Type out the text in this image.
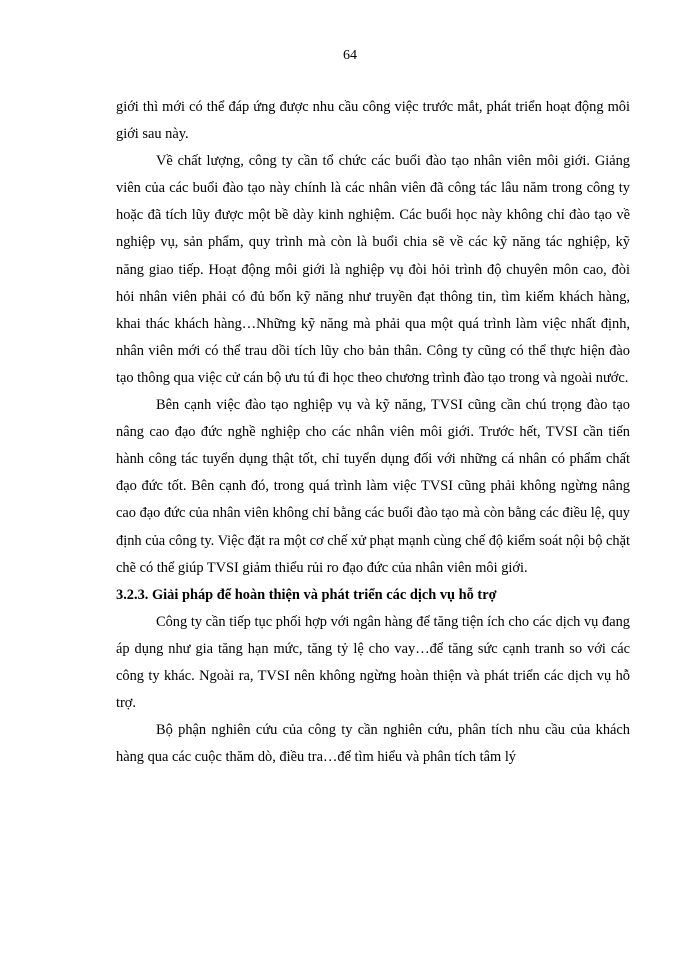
64

giới thì mới có thể đáp ứng được nhu cầu công việc trước mắt, phát triển hoạt động môi giới sau này.

Về chất lượng, công ty cần tổ chức các buổi đào tạo nhân viên môi giới. Giảng viên của các buổi đào tạo này chính là các nhân viên đã công tác lâu năm trong công ty hoặc đã tích lũy được một bề dày kinh nghiệm. Các buổi học này không chỉ đào tạo về nghiệp vụ, sản phẩm, quy trình mà còn là buổi chia sẽ về các kỹ năng tác nghiệp, kỹ năng giao tiếp. Hoạt động môi giới là nghiệp vụ đòi hỏi trình độ chuyên môn cao, đòi hỏi nhân viên phải có đủ bốn kỹ năng như truyền đạt thông tin, tìm kiếm khách hàng, khai thác khách hàng…Những kỹ năng mà phải qua một quá trình làm việc nhất định, nhân viên mới có thể trau dồi tích lũy cho bản thân. Công ty cũng có thể thực hiện đào tạo thông qua việc cử cán bộ ưu tú đi học theo chương trình đào tạo trong và ngoài nước.

Bên cạnh việc đào tạo nghiệp vụ và kỹ năng, TVSI cũng cần chú trọng đào tạo nâng cao đạo đức nghề nghiệp cho các nhân viên môi giới. Trước hết, TVSI cần tiến hành công tác tuyển dụng thật tốt, chỉ tuyển dụng đối với những cá nhân có phẩm chất đạo đức tốt. Bên cạnh đó, trong quá trình làm việc TVSI cũng phải không ngừng nâng cao đạo đức của nhân viên không chỉ bằng các buổi đào tạo mà còn bằng các điều lệ, quy định của công ty. Việc đặt ra một cơ chế xử phạt mạnh cùng chế độ kiểm soát nội bộ chặt chẽ có thể giúp TVSI giảm thiểu rủi ro đạo đức của nhân viên môi giới.

3.2.3. Giải pháp để hoàn thiện và phát triển các dịch vụ hỗ trợ

Công ty cần tiếp tục phối hợp với ngân hàng để tăng tiện ích cho các dịch vụ đang áp dụng như gia tăng hạn mức, tăng tỷ lệ cho vay…để tăng sức cạnh tranh so với các công ty khác. Ngoài ra, TVSI nên không ngừng hoàn thiện và phát triển các dịch vụ hỗ trợ.

Bộ phận nghiên cứu của công ty cần nghiên cứu, phân tích nhu cầu của khách hàng qua các cuộc thăm dò, điều tra…để tìm hiểu và phân tích tâm lý
